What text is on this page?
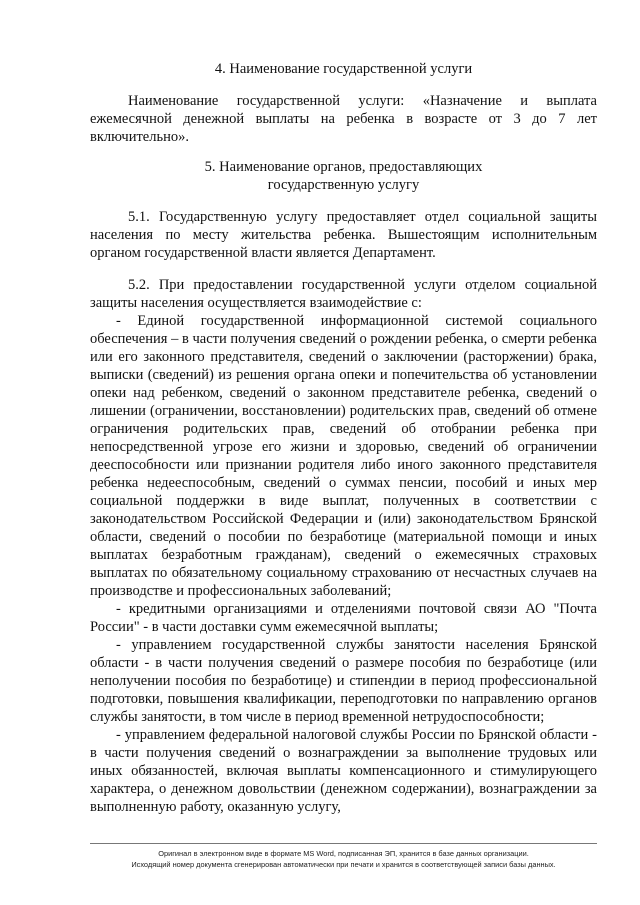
4. Наименование государственной услуги
Наименование государственной услуги: «Назначение и выплата ежемесячной денежной выплаты на ребенка в возрасте от 3 до 7 лет включительно».
5. Наименование органов, предоставляющих
государственную услугу
5.1. Государственную услугу предоставляет отдел социальной защиты населения по месту жительства ребенка. Вышестоящим исполнительным органом государственной власти является Департамент.
5.2. При предоставлении государственной услуги отделом социальной защиты населения осуществляется взаимодействие с:
- Единой государственной информационной системой социального обеспечения – в части получения сведений о рождении ребенка, о смерти ребенка или его законного представителя, сведений о заключении (расторжении) брака, выписки (сведений) из решения органа опеки и попечительства об установлении опеки над ребенком, сведений о законном представителе ребенка, сведений о лишении (ограничении, восстановлении) родительских прав, сведений об отмене ограничения родительских прав, сведений об отобрании ребенка при непосредственной угрозе его жизни и здоровью, сведений об ограничении дееспособности или признании родителя либо иного законного представителя ребенка недееспособным, сведений о суммах пенсии, пособий и иных мер социальной поддержки в виде выплат, полученных в соответствии с законодательством Российской Федерации и (или) законодательством Брянской области, сведений о пособии по безработице (материальной помощи и иных выплатах безработным гражданам), сведений о ежемесячных страховых выплатах по обязательному социальному страхованию от несчастных случаев на производстве и профессиональных заболеваний;
- кредитными организациями и отделениями почтовой связи АО "Почта России" - в части доставки сумм ежемесячной выплаты;
- управлением государственной службы занятости населения Брянской области - в части получения сведений о размере пособия по безработице (или неполучении пособия по безработице) и стипендии в период профессиональной подготовки, повышения квалификации, переподготовки по направлению органов службы занятости, в том числе в период временной нетрудоспособности;
- управлением федеральной налоговой службы России по Брянской области - в части получения сведений о вознаграждении за выполнение трудовых или иных обязанностей, включая выплаты компенсационного и стимулирующего характера, о денежном довольствии (денежном содержании), вознаграждении за выполненную работу, оказанную услугу,
Оригинал в электронном виде в формате MS Word, подписанная ЭП, хранится в базе данных организации.
Исходящий номер документа сгенерирован автоматически при печати и хранится в соответствующей записи базы данных.
